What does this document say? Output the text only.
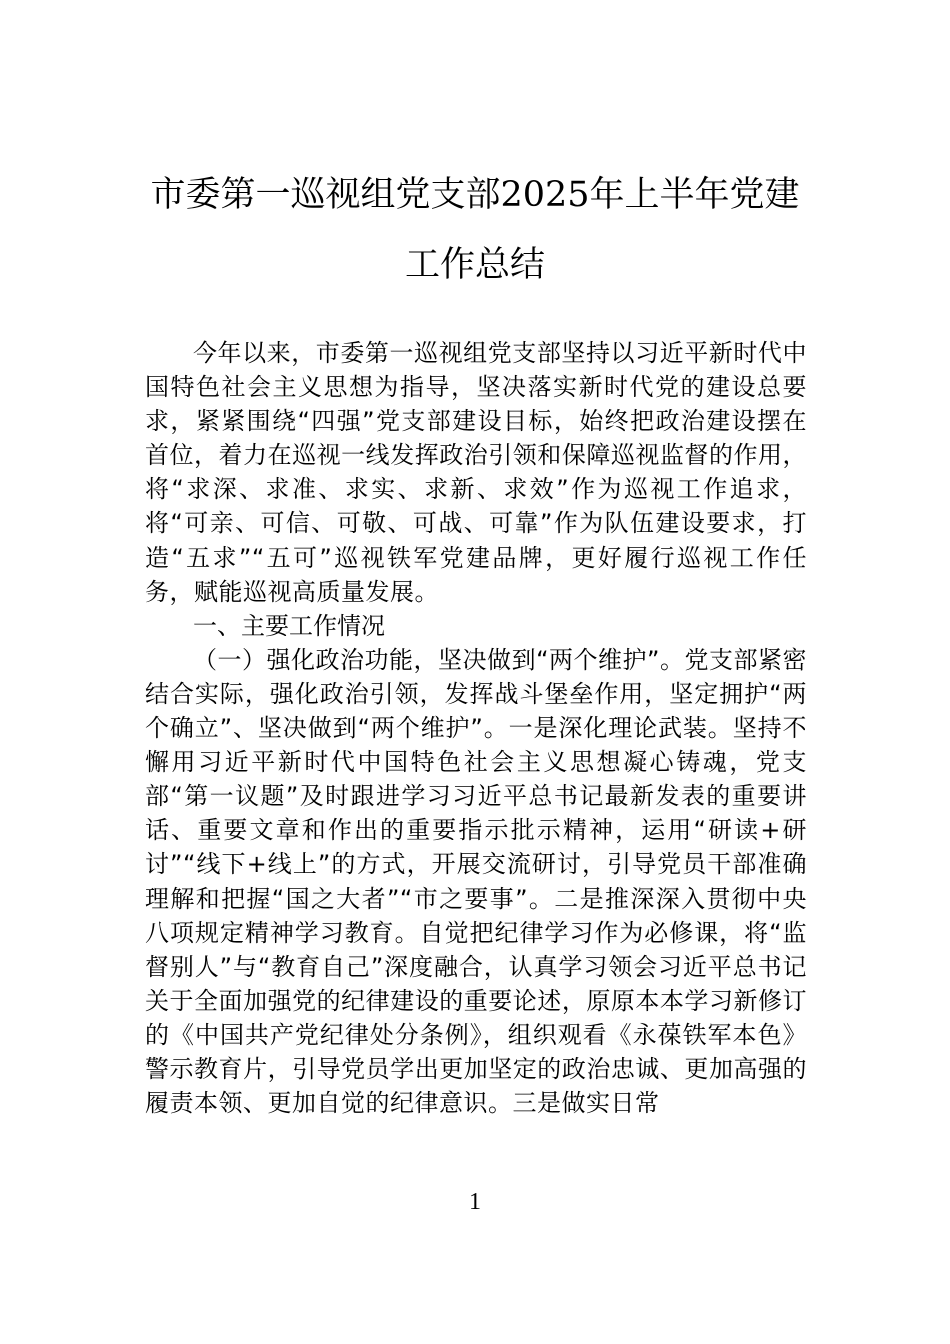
市委第一巡视组党支部2025年上半年党建
工作总结

今年以来，市委第一巡视组党支部坚持以习近平新时代中国特色社会主义思想为指导，坚决落实新时代党的建设总要求，紧紧围绕“四强”党支部建设目标，始终把政治建设摆在首位，着力在巡视一线发挥政治引领和保障巡视监督的作用，将“求深、求准、求实、求新、求效”作为巡视工作追求，将“可亲、可信、可敬、可战、可靠”作为队伍建设要求，打造“五求”“五可”巡视铁军党建品牌，更好履行巡视工作任务，赋能巡视高质量发展。

一、主要工作情况

（一）强化政治功能，坚决做到“两个维护”。党支部紧密结合实际，强化政治引领，发挥战斗堡垒作用，坚定拥护“两个确立”、坚决做到“两个维护”。一是深化理论武装。坚持不懈用习近平新时代中国特色社会主义思想凝心铸魂，党支部“第一议题”及时跟进学习习近平总书记最新发表的重要讲话、重要文章和作出的重要指示批示精神，运用“研读+研讨”“线下+线上”的方式，开展交流研讨，引导党员干部准确理解和把握“国之大者”“市之要事”。二是推深深入贯彻中央八项规定精神学习教育。自觉把纪律学习作为必修课，将“监督别人”与“教育自己”深度融合，认真学习领会习近平总书记关于全面加强党的纪律建设的重要论述，原原本本学习新修订的《中国共产党纪律处分条例》，组织观看《永葆铁军本色》警示教育片，引导党员学出更加坚定的政治忠诚、更加高强的履责本领、更加自觉的纪律意识。三是做实日常

1
